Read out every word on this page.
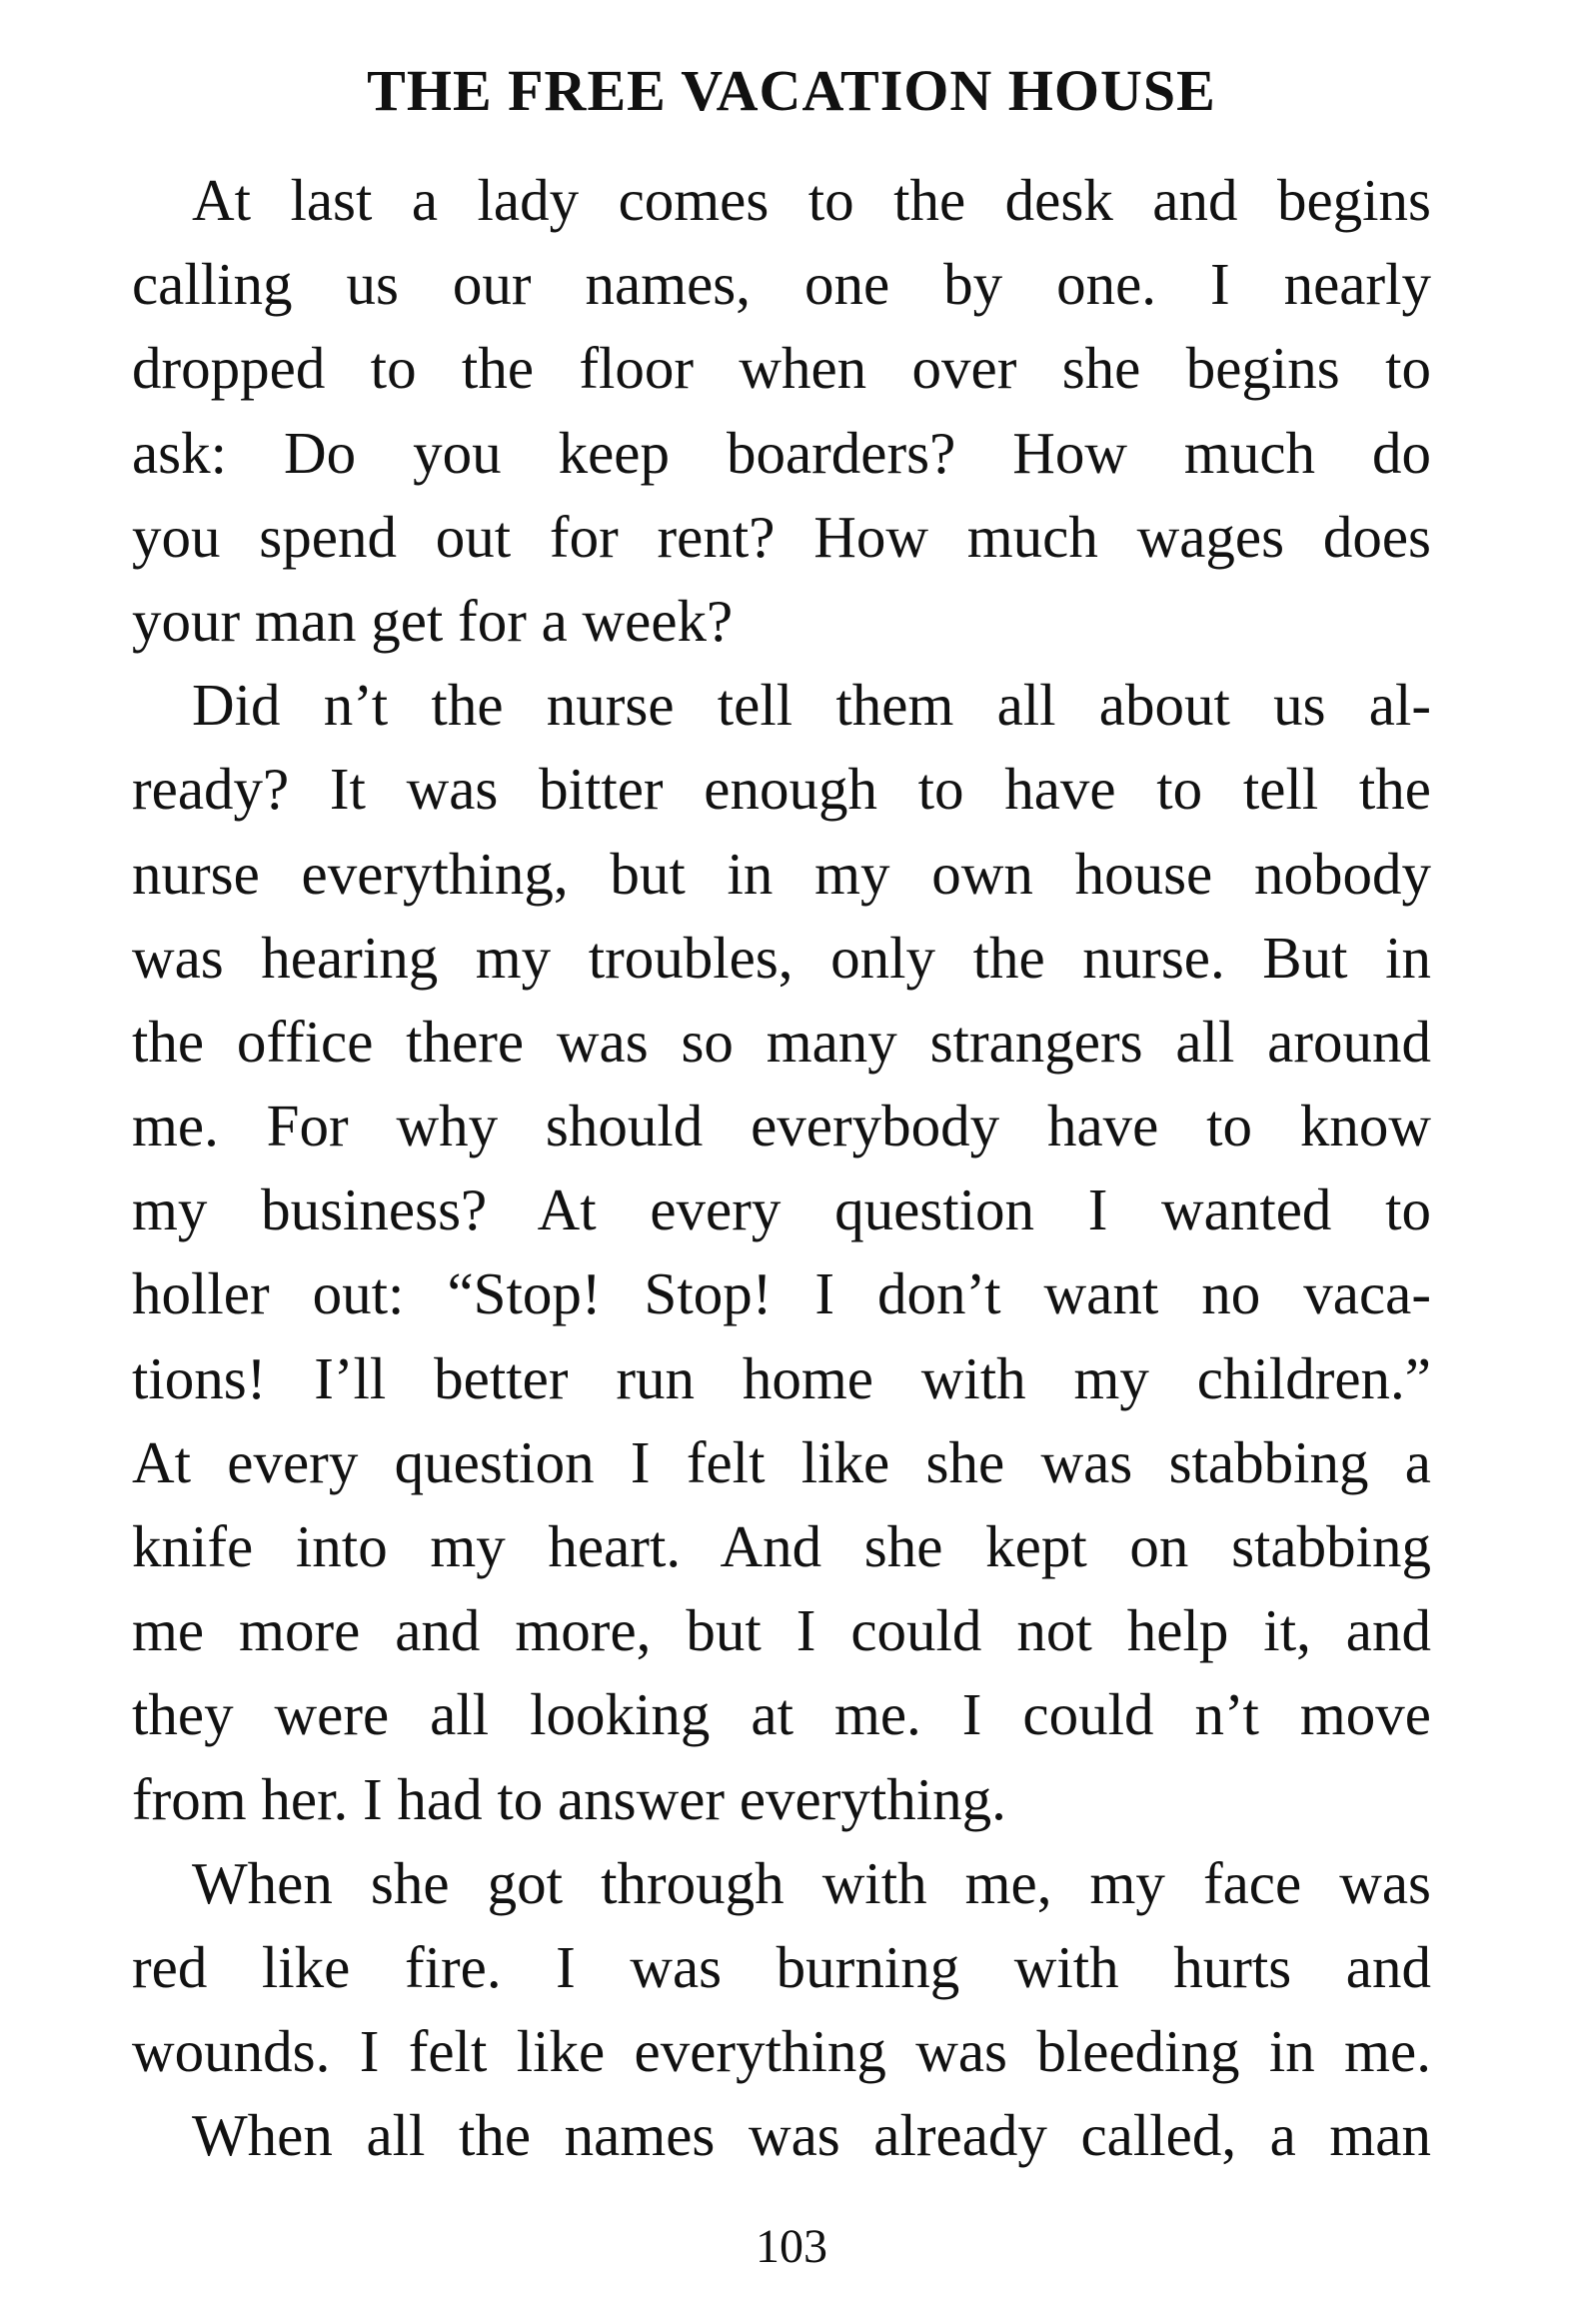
THE FREE VACATION HOUSE

At last a lady comes to the desk and begins
calling us our names, one by one. I nearly
dropped to the floor when over she begins to
ask: Do you keep boarders? How much do
you spend out for rent? How much wages does
your man get for a week?

Did n’t the nurse tell them all about us al-
ready? It was bitter enough to have to tell the
nurse everything, but in my own house nobody
was hearing my troubles, only the nurse. But in
the office there was so many strangers all around
me. For why should everybody have to know
my business? At every question I wanted to
holler out: “Stop! Stop! I don’t want no vaca-
tions! I’ll better run home with my children.”
At every question I felt like she was stabbing a
knife into my heart. And she kept on stabbing
me more and more, but I could not help it, and
they were all looking at me. I could n’t move
from her. I had to answer everything.

When she got through with me, my face was
red like fire. I was burning with hurts and
wounds. I felt like everything was bleeding in me.

When all the names was already called, a man

103
